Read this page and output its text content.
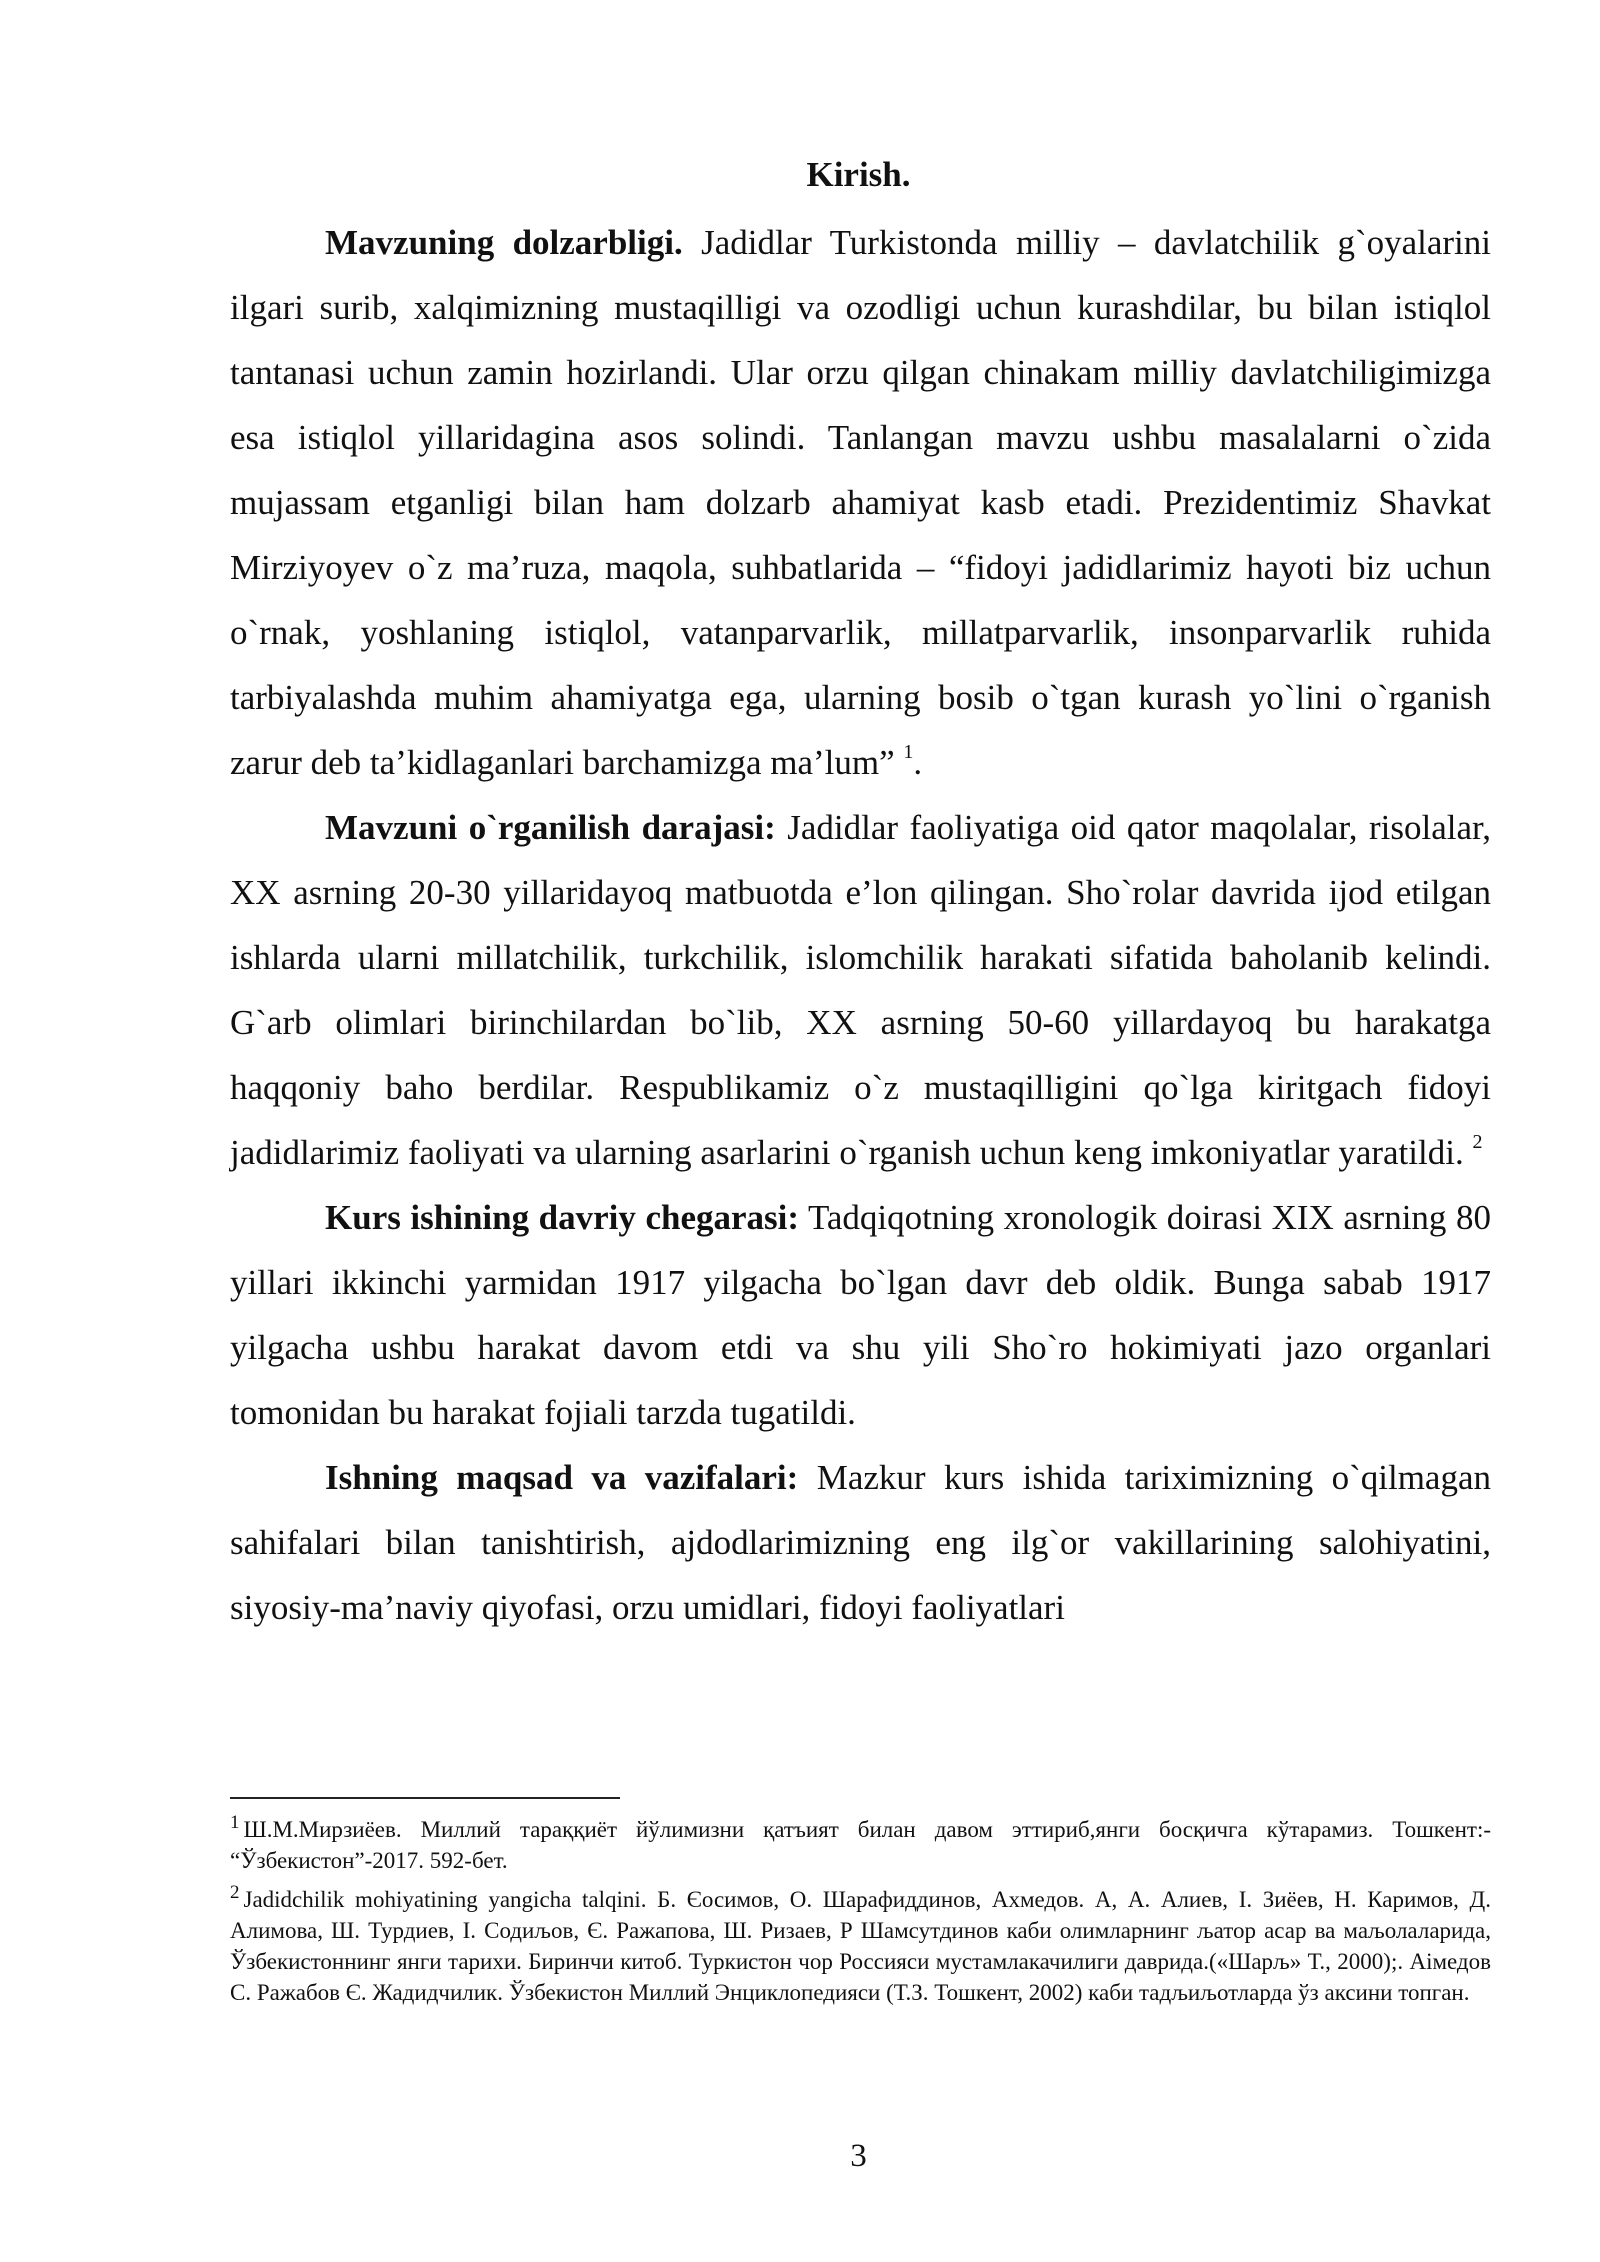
Kirish.

Mavzuning dolzarbligi. Jadidlar Turkistonda milliy – davlatchilik g`oyalarini ilgari surib, xalqimizning mustaqilligi va ozodligi uchun kurashdilar, bu bilan istiqlol tantanasi uchun zamin hozirlandi. Ular orzu qilgan chinakam milliy davlatchiligimizga esa istiqlol yillaridagina asos solindi. Tanlangan mavzu ushbu masalalarni o`zida mujassam etganligi bilan ham dolzarb ahamiyat kasb etadi. Prezidentimiz Shavkat Mirziyoyev o`z ma’ruza, maqola, suhbatlarida – “fidoyi jadidlarimiz hayoti biz uchun o`rnak, yoshlaning istiqlol, vatanparvarlik, millatparvarlik, insonparvarlik ruhida tarbiyalashda muhim ahamiyatga ega, ularning bosib o`tgan kurash yo`lini o`rganish zarur deb ta’kidlaganlari barchamizga ma’lum” $^1$.

Mavzuni o`rganilish darajasi: Jadidlar faoliyatiga oid qator maqolalar, risolalar, XX asrning 20-30 yillaridayoq matbuotda e’lon qilingan. Sho`rolar davrida ijod etilgan ishlarda ularni millatchilik, turkchilik, islomchilik harakati sifatida baholanib kelindi. G`arb olimlari birinchilardan bo`lib, XX asrning 50-60 yillardayoq bu harakatga haqqoniy baho berdilar. Respublikamiz o`z mustaqilligini qo`lga kiritgach fidoyi jadidlarimiz faoliyati va ularning asarlarini o`rganish uchun keng imkoniyatlar yaratildi. $^2$

Kurs ishining davriy chegarasi: Tadqiqotning xronologik doirasi XIX asrning 80 yillari ikkinchi yarmidan 1917 yilgacha bo`lgan davr deb oldik. Bunga sabab 1917 yilgacha ushbu harakat davom etdi va shu yili Sho`ro hokimiyati jazo organlari tomonidan bu harakat fojiali tarzda tugatildi.

Ishning maqsad va vazifalari: Mazkur kurs ishida tariximizning o`qilmagan sahifalari bilan tanishtirish, ajdodlarimizning eng ilg`or vakillarining salohiyatini, siyosiy-ma’naviy qiyofasi, orzu umidlari, fidoyi faoliyatlari

$^1$ Ш.М.Мирзиёев. Миллий тараққиёт йўлимизни қатъият билан давом эттириб,янги босқичга кўтарамиз. Тошкент:- “Ўзбекистон”-2017. 592-бет.

$^2$ Jadidchilik mohiyatining yangicha talqini. Б. Єосимов, О. Шарафиддинов, Ахмедов. А, А. Алиев, І. Зиёев, Н. Каримов, Д. Алимова, Ш. Турдиев, І. Содиљов, Є. Ражапова, Ш. Ризаев, Р Шамсутдинов каби олимларнинг љатор асар ва маљолаларида, Ўзбекистоннинг янги тарихи. Биринчи китоб. Туркистон чор Россияси мустамлакачилиги даврида.(«Шарљ» Т., 2000);. Аімедов С. Ражабов Є. Жадидчилик. Ўзбекистон Миллий Энциклопедияси (Т.З. Тошкент, 2002) каби тадљиљотларда ўз аксини топган.

3
